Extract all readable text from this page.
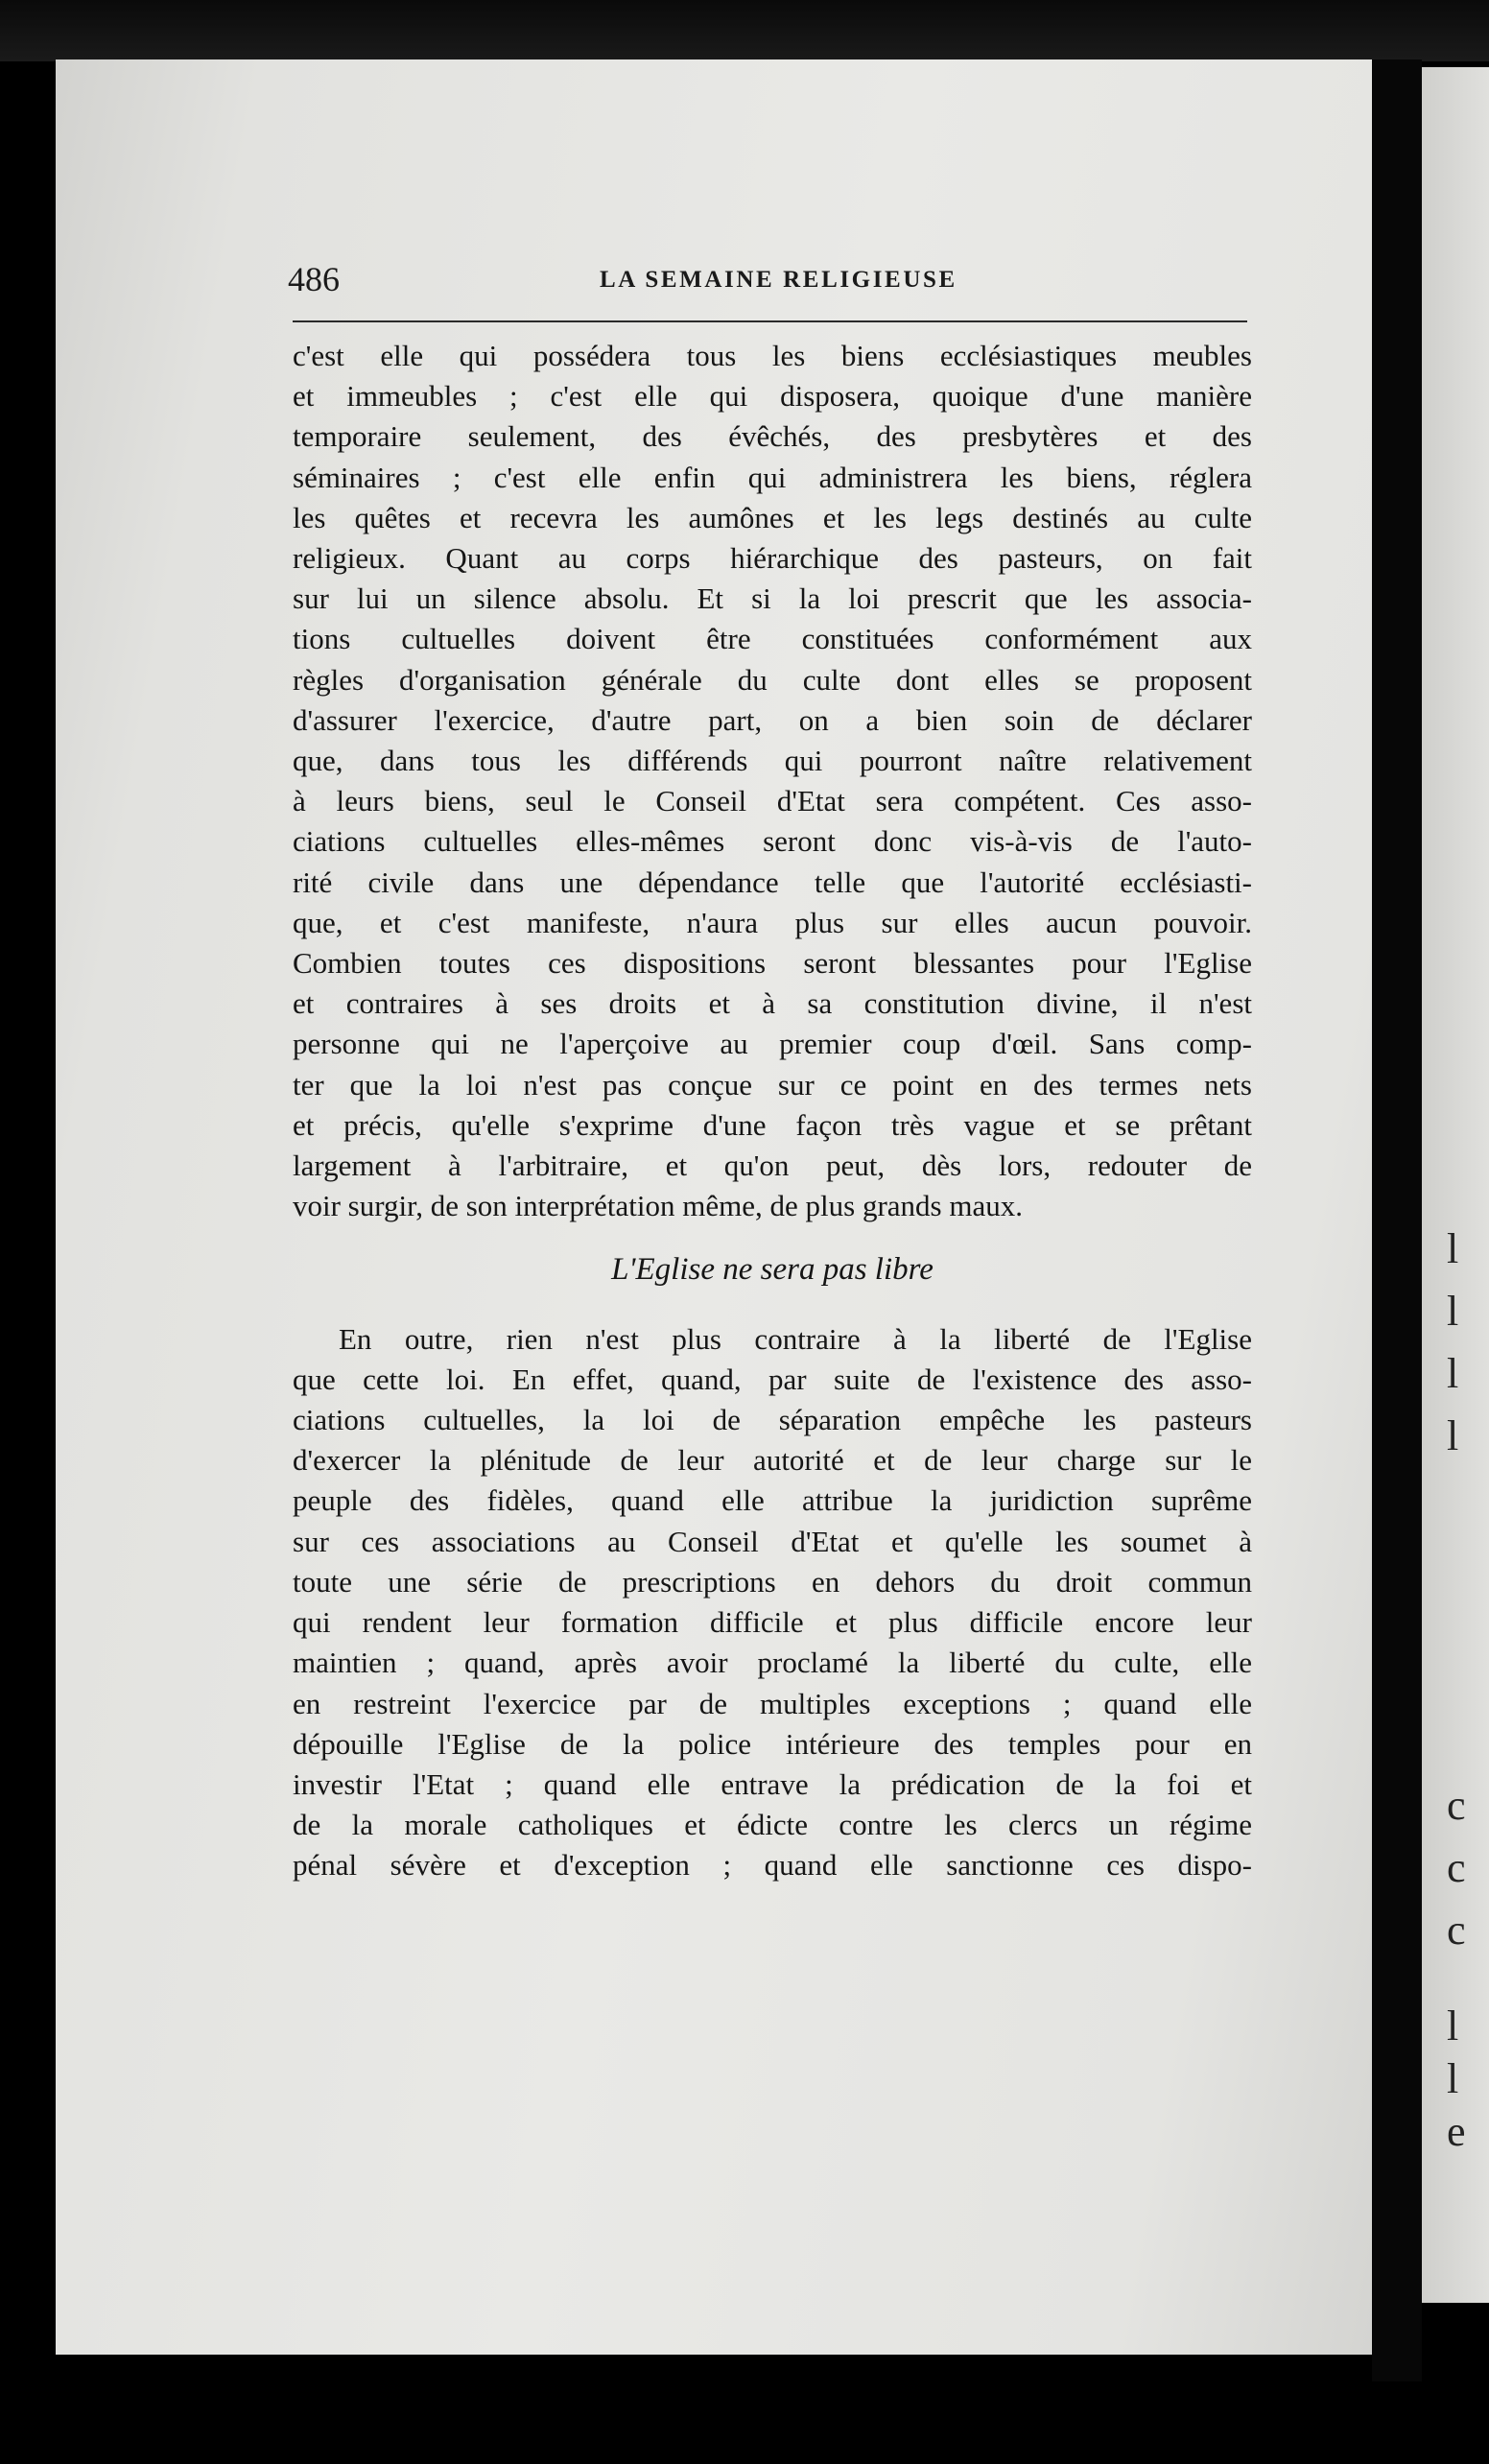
l
l
l
l
c
c
c
l
l
e
486	LA SEMAINE RELIGIEUSE
c'est elle qui possédera tous les biens ecclésiastiques meubles
et immeubles ; c'est elle qui disposera, quoique d'une manière
temporaire seulement, des évêchés, des presbytères et des
séminaires ; c'est elle enfin qui administrera les biens, réglera
les quêtes et recevra les aumônes et les legs destinés au culte
religieux. Quant au corps hiérarchique des pasteurs, on fait
sur lui un silence absolu. Et si la loi prescrit que les associa-
tions cultuelles doivent être constituées conformément aux
règles d'organisation générale du culte dont elles se proposent
d'assurer l'exercice, d'autre part, on a bien soin de déclarer
que, dans tous les différends qui pourront naître relativement
à leurs biens, seul le Conseil d'Etat sera compétent. Ces asso-
ciations cultuelles elles-mêmes seront donc vis-à-vis de l'auto-
rité civile dans une dépendance telle que l'autorité ecclésiasti-
que, et c'est manifeste, n'aura plus sur elles aucun pouvoir.
Combien toutes ces dispositions seront blessantes pour l'Eglise
et contraires à ses droits et à sa constitution divine, il n'est
personne qui ne l'aperçoive au premier coup d'œil. Sans comp-
ter que la loi n'est pas conçue sur ce point en des termes nets
et précis, qu'elle s'exprime d'une façon très vague et se prêtant
largement à l'arbitraire, et qu'on peut, dès lors, redouter de
voir surgir, de son interprétation même, de plus grands maux.
L'Eglise ne sera pas libre
En outre, rien n'est plus contraire à la liberté de l'Eglise
que cette loi. En effet, quand, par suite de l'existence des asso-
ciations cultuelles, la loi de séparation empêche les pasteurs
d'exercer la plénitude de leur autorité et de leur charge sur le
peuple des fidèles, quand elle attribue la juridiction suprême
sur ces associations au Conseil d'Etat et qu'elle les soumet à
toute une série de prescriptions en dehors du droit commun
qui rendent leur formation difficile et plus difficile encore leur
maintien ; quand, après avoir proclamé la liberté du culte, elle
en restreint l'exercice par de multiples exceptions ; quand elle
dépouille l'Eglise de la police intérieure des temples pour en
investir l'Etat ; quand elle entrave la prédication de la foi et
de la morale catholiques et édicte contre les clercs un régime
pénal sévère et d'exception ; quand elle sanctionne ces dispo-
